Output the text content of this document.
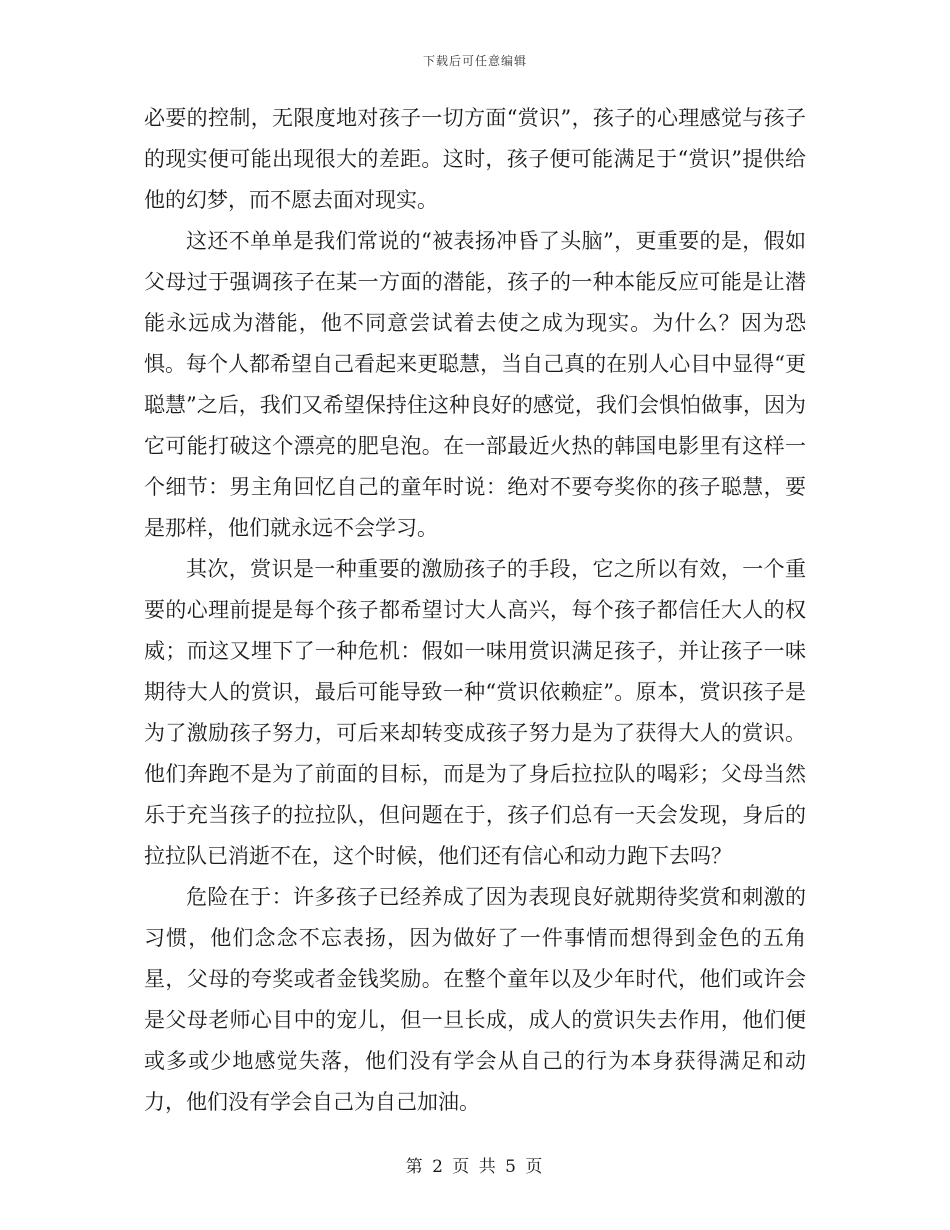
下载后可任意编辑

必要的控制，无限度地对孩子一切方面“赏识”，孩子的心理感觉与孩子的现实便可能出现很大的差距。这时，孩子便可能满足于“赏识”提供给他的幻梦，而不愿去面对现实。

这还不单单是我们常说的“被表扬冲昏了头脑”，更重要的是，假如父母过于强调孩子在某一方面的潜能，孩子的一种本能反应可能是让潜能永远成为潜能，他不同意尝试着去使之成为现实。为什么？因为恐惧。每个人都希望自己看起来更聪慧，当自己真的在别人心目中显得“更聪慧”之后，我们又希望保持住这种良好的感觉，我们会惧怕做事，因为它可能打破这个漂亮的肥皂泡。在一部最近火热的韩国电影里有这样一个细节：男主角回忆自己的童年时说：绝对不要夸奖你的孩子聪慧，要是那样，他们就永远不会学习。

其次，赏识是一种重要的激励孩子的手段，它之所以有效，一个重要的心理前提是每个孩子都希望讨大人高兴，每个孩子都信任大人的权威；而这又埋下了一种危机：假如一味用赏识满足孩子，并让孩子一味期待大人的赏识，最后可能导致一种“赏识依赖症”。原本，赏识孩子是为了激励孩子努力，可后来却转变成孩子努力是为了获得大人的赏识。他们奔跑不是为了前面的目标，而是为了身后拉拉队的喝彩；父母当然乐于充当孩子的拉拉队，但问题在于，孩子们总有一天会发现，身后的拉拉队已消逝不在，这个时候，他们还有信心和动力跑下去吗？

危险在于：许多孩子已经养成了因为表现良好就期待奖赏和刺激的习惯，他们念念不忘表扬，因为做好了一件事情而想得到金色的五角星，父母的夸奖或者金钱奖励。在整个童年以及少年时代，他们或许会是父母老师心目中的宠儿，但一旦长成，成人的赏识失去作用，他们便或多或少地感觉失落，他们没有学会从自己的行为本身获得满足和动力，他们没有学会自己为自己加油。

第 2 页 共 5 页
